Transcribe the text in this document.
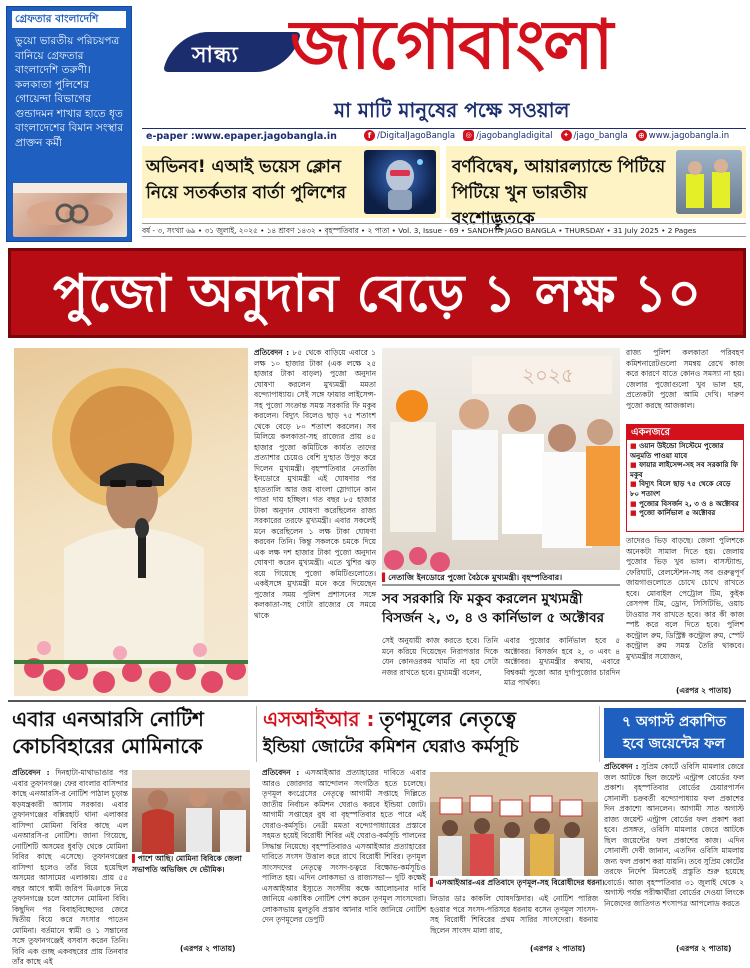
গ্রেফতার বাংলাদেশি
ভুয়ো ভারতীয় পরিচয়পত্র বানিয়ে গ্রেফতার বাংলাদেশি তরুণী। কলকাতা পুলিশের গোয়েন্দা বিভাগের গুন্ডাদমন শাখার হাতে ধৃত বাংলাদেশের বিমান সংস্থার প্রাক্তন কর্মী
সান্ধ্য জাগোবাংলা
মা মাটি মানুষের পক্ষে সওয়াল
e-paper :www.epaper.jagobangla.in	f /DigitalJagoBangla	◎ /jagobangladigital	✦ /jago_bangla ⊕ www.jagobangla.in
অভিনব! এআই ভয়েস ক্লোন নিয়ে সতর্কতার বার্তা পুলিশের
বর্ণবিদ্বেষ, আয়ারল্যান্ডে পিটিয়ে পিটিয়ে খুন ভারতীয় বংশোদ্ভূতকে
বর্ষ - ৩, সংখ্যা ৬৯ • ৩১ জুলাই, ২০২৫ • ১৪ শ্রাবণ ১৪৩২ • বৃহস্পতিবার • ২ পাতা • Vol. 3, Issue - 69 • SANDHYA JAGO BANGLA • THURSDAY • 31 July 2025 • 2 Pages
পুজো অনুদান বেড়ে ১ লক্ষ ১০
প্রতিবেদন : ৮৫ থেকে বাড়িয়ে এবারে ১ লক্ষ ১০ হাজার টাকা (এক লক্ষে ২৫ হাজার টাকা বাড়ল) পুজো অনুদান ঘোষণা করলেন মুখ্যমন্ত্রী মমতা বন্দ্যোপাধ্যায়। সেই সঙ্গে ফায়ার লাইসেন্স-সহ পুজো সংক্রান্ত সমস্ত সরকারি ফি মকুব করলেন। বিদ্যুৎ বিলেও ছাড় ৭৫ শতাংশ থেকে বেড়ে ৮০ শতাংশ করলেন। সব মিলিয়ে কলকাতা-সহ রাজ্যের প্রায় ৪৫ হাজার পুজো কমিটিকে কার্যত তাদের প্রত্যাশার চেয়েও বেশি দু'হাত উপুড় করে দিলেন মুখ্যমন্ত্রী। বৃহস্পতিবার নেতাজি ইনডোরে মুখ্যমন্ত্রী এই ঘোষণার পর হাততালি আর জয় বাংলা স্লোগানে কান পাতা দায় হচ্ছিল। গত বছর ৮৫ হাজার টাকা অনুদান ঘোষণা করেছিলেন রাজ্য সরকারের তরফে মুখ্যমন্ত্রী। এবার সকলেই মনে করেছিলেন ১ লক্ষ টাকা ঘোষণা করবেন তিনি। কিন্তু সকলকে চমকে দিয়ে এক লক্ষ দশ হাজার টাকা পুজো অনুদান ঘোষণা করেন মুখ্যমন্ত্রী। এতে খুশির ঝড় বয়ে গিয়েছে পুজো কমিটিগুলোতে। একইসঙ্গে মুখ্যমন্ত্রী মনে করে দিয়েছেন পুজোর সময় পুলিশ প্রশাসনের সঙ্গে কলকাতা-সহ গোটা রাজ্যের যে সময়ে থাকে
২০২৫
▌নেতাজি ইনডোরে পুজো বৈঠকে মুখ্যমন্ত্রী। বৃহস্পতিবার।
সব সরকারি ফি মকুব করলেন মুখ্যমন্ত্রী
বিসর্জন ২, ৩, ৪ ও কার্নিভাল ৫ অক্টোবর
সেই অনুযায়ী কাজ করতে হবে। তিনি মনে করিয়ে দিয়েছেন নিরাপত্তার দিকে যেন কোনওরকম খামতি না হয় সেটা নজর রাখতে হবে। মুখ্যমন্ত্রী বলেন,
এবার পুজোর কার্নিভাল হবে ৫ অক্টোবর। বিসর্জন হবে ২, ৩ এবং ৪ অক্টোবর। মুখ্যমন্ত্রীর কথায়, এবারে বিশ্বকর্মা পুজো আর দুর্গাপুজোর চারদিন মাত্র পার্থক্য।
রাজ্য পুলিশ কলকাতা পরিবহণ কমিশনারেটগুলো সমন্বয় রেখে কাজ করে কারণে যাতে কোনও সমস্যা না হয়। জেলার পুজোগুলো খুব ভাল হয়, প্রত্যেকটা পুজো আমি দেখি। দারুণ পুজো করছে আজকাল।
একনজরে
■ ওয়ান উইন্ডো সিস্টেমে পুজোর অনুমতি পাওয়া যাবে
■ ফায়ার লাইসেন্স-সহ সব সরকারি ফি মকুব
■ বিদ্যুৎ বিলে ছাড় ৭৫ থেকে বেড়ে ৮০ শতাংশ
■ পুজোর বিসর্জন ২, ৩ ও ৪ অক্টোবর
■ পুজো কার্নিভাল ৫ অক্টোবর
তাদেরও ভিড় বাড়ছে। জেলা পুলিশকে অনেকটা সামাল দিতে হয়। জেলায় পুজোর ভিড় খুব ভাল। বাসস্ট্যান্ড, ফেরিঘাট, রেলস্টেশন-সহ সব গুরুত্বপূর্ণ জায়গাগুলোতে চোখে চোখে রাখতে হবে। মোবাইল পেট্রোল টিম, কুইক রেসপন্স টিম, ড্রোন, সিসিটিভি, ওয়াচ টাওয়ার সব রাখতে হবে। কার কী কাজ স্পষ্ট করে বলে দিতে হবে। পুলিশ কন্ট্রোল রুম, ডিস্ট্রিক্ট কন্ট্রোল রুম, স্পেট কন্ট্রোল রুম সমস্ত তৈরি থাকবে। মুখ্যমন্ত্রীর সযোজন,
(এরপর ২ পাতায়)
এবার এনআরসি নোটিশ
কোচবিহারের মোমিনাকে
প্রতিবেদন : দিনহাটা-মাথাভাঙার পর এবার তুফানগঞ্জ। ফের বাংলার বাসিন্দার কাছে এনআরসি-র নোটিশ পাঠাল চূড়ান্ত ষড়যন্ত্রকারী আসাম সরকার। এবার তুফানগঞ্জের বক্সিরহাট থানা এলাকার বাসিন্দা মোমিনা বিবির কাছে এল এনআরসি-র নোটিশ। জানা গিয়েছে, নোটিশটি অসমের ধুবড়ি থেকে মোমিনা বিবির কাছে এসেছে। তুফানগঞ্জের বাসিন্দা হলেও তাঁর বিয়ে হয়েছিল অসমের আসামের এলাকায়। প্রায় ৫৫ বছর আগে স্বামী জরিপ মিঞাকে নিয়ে তুফানগঞ্জে চলে আসেন মোমিনা বিবি। কিছুদিন পর বিবাহবিচ্ছেদের জেরে দ্বিতীয় বিয়ে করে সংসার পাতেন মোমিনা। বর্তমানে স্বামী ও ১ সন্তানের সঙ্গে তুফানগঞ্জেই বসবাস করেন তিনি। বিবি এক গুচ্ছ একবছরের প্রায় তিনবার তাঁর কাছে এই
▌পাশে আছি। মোমিনা বিবিকে জেলা সভাপতি অভিজিৎ দে ভৌমিক।
(এরপর ২ পাতায়)
এসআইআর : তৃণমূলের নেতৃত্বে
ইন্ডিয়া জোটের কমিশন ঘেরাও কর্মসূচি
প্রতিবেদন : এসআইআর প্রত্যাহারের দাবিতে এবার আরও জোরদার আন্দোলন সংগঠিত হতে চলেছে। তৃণমূল কংগ্রেসের নেতৃত্বে আগামী সপ্তাহে দিল্লিতে জাতীয় নির্বাচন কমিশন ঘেরাও করবে ইন্ডিয়া জোট। আগামী সপ্তাহের বুধ বা বৃহস্পতিবার হতে পারে এই ঘেরাও-কর্মসূচি। নেত্রী মমতা বন্দ্যোপাধ্যায়ের প্রস্তাবে সহমত হয়েই বিরোধী শিবির এই ঘেরাও-কর্মসূচি পালনের সিদ্ধান্ত নিয়েছে। বৃহস্পতিবারও এসআইআর প্রত্যাহারের দাবিতে সংসদ উত্তাল করে রাখে বিরোধী শিবির। তৃণমূল সাংসদদের নেতৃত্বে সংসদ-চত্বরে বিক্ষোভ-কর্মসূচিও পালিত হয়। এদিন লোকসভা ও রাজ্যসভা— দুটি কক্ষেই এসআইআর ইস্যুতে সংসদীয় কক্ষে আলোচনার দাবি জানিয়ে একাধিক নোটিশ পেশ করেন তৃণমূল সাংসদেরা। লোকসভায় মুলতুবি প্রস্তাব আনার দাবি জানিয়ে নোটিশ দেন তৃণমূলের ডেপুটি
▌এসআইআর-এর প্রতিবাদে তৃণমূল-সহ বিরোধীদের ধরনা।
লিডার ডাঃ কাকলি ঘোষদস্তিদার। এই নোটিশ পারিজ হওয়ার পরে সংসদ-পরিসরে ধরনায় বসেন তৃণমূল সাংসদ-সহ বিরোধী শিবিরের প্রথম সারির সাংসদেরা। ধরনায় ছিলেন সাংসদ মালা রায়,
(এরপর ২ পাতায়)
৭ অগাস্ট প্রকাশিত হবে জয়েন্টের ফল
প্রতিবেদন : সুপ্রিম কোর্টে ওবিসি মামলার জেরে জল আটকে ছিল জয়েন্ট এন্ট্রান্স বোর্ডের ফল প্রকাশ। বৃহস্পতিবার বোর্ডের চেয়ারপার্সন সোনালী চক্রবর্তী বন্দ্যোপাধ্যায় ফল প্রকাশের দিন প্রকাশ্যে আনলেন। আগামী সাত অগাস্ট রাজ্য জয়েন্ট এন্ট্রান্স বোর্ডের ফল প্রকাশ করা হবে। প্রসঙ্গত, ওবিসি মামলার জেরে আটকে ছিল জয়েন্টের ফল প্রকাশের কাজ। এদিন সোনালী দেবী জানান, এতদিন ওবিসি মামলায় জন্য ফল প্রকাশ করা যায়নি। তবে সুপ্রিম কোর্টের তরফে নির্দেশ মিলতেই প্রস্তুতি শুরু হয়েছে বোর্ডে। আজ বৃহস্পতিবার ৩১ জুলাই থেকে ২ অগাস্ট পর্যন্ত পরীক্ষার্থীরা বোর্ডের দেওয়া লিংকে নিজেদের জাতিগত শংসাপত্র আপলোড করতে
(এরপর ২ পাতায়)
